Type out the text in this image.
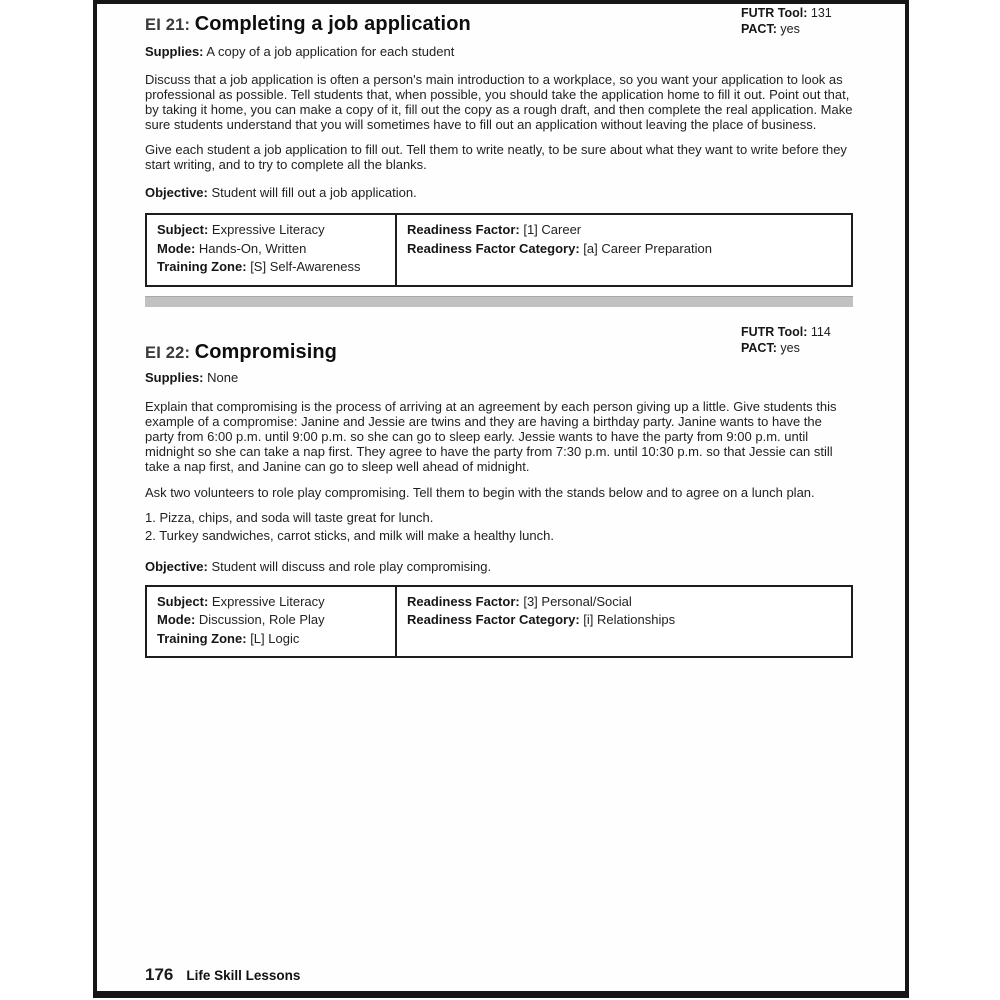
EI 21: Completing a job application	FUTR Tool: 131
PACT: yes
Supplies: A copy of a job application for each student
Discuss that a job application is often a person's main introduction to a workplace, so you want your application to look as professional as possible. Tell students that, when possible, you should take the application home to fill it out. Point out that, by taking it home, you can make a copy of it, fill out the copy as a rough draft, and then complete the real application. Make sure students understand that you will sometimes have to fill out an application without leaving the place of business.
Give each student a job application to fill out. Tell them to write neatly, to be sure about what they want to write before they start writing, and to try to complete all the blanks.
Objective: Student will fill out a job application.
Subject: Expressive Literacy
Mode: Hands-On, Written
Training Zone: [S] Self-Awareness
Readiness Factor: [1] Career
Readiness Factor Category: [a] Career Preparation
EI 22: Compromising
FUTR Tool: 114
PACT: yes
Supplies: None
Explain that compromising is the process of arriving at an agreement by each person giving up a little. Give students this example of a compromise: Janine and Jessie are twins and they are having a birthday party. Janine wants to have the party from 6:00 p.m. until 9:00 p.m. so she can go to sleep early. Jessie wants to have the party from 9:00 p.m. until midnight so she can take a nap first. They agree to have the party from 7:30 p.m. until 10:30 p.m. so that Jessie can still take a nap first, and Janine can go to sleep well ahead of midnight.
Ask two volunteers to role play compromising. Tell them to begin with the stands below and to agree on a lunch plan.
1. Pizza, chips, and soda will taste great for lunch.
2. Turkey sandwiches, carrot sticks, and milk will make a healthy lunch.
Objective: Student will discuss and role play compromising.
Subject: Expressive Literacy
Mode: Discussion, Role Play
Training Zone: [L] Logic
Readiness Factor: [3] Personal/Social
Readiness Factor Category: [i] Relationships
176 Life Skill Lessons
